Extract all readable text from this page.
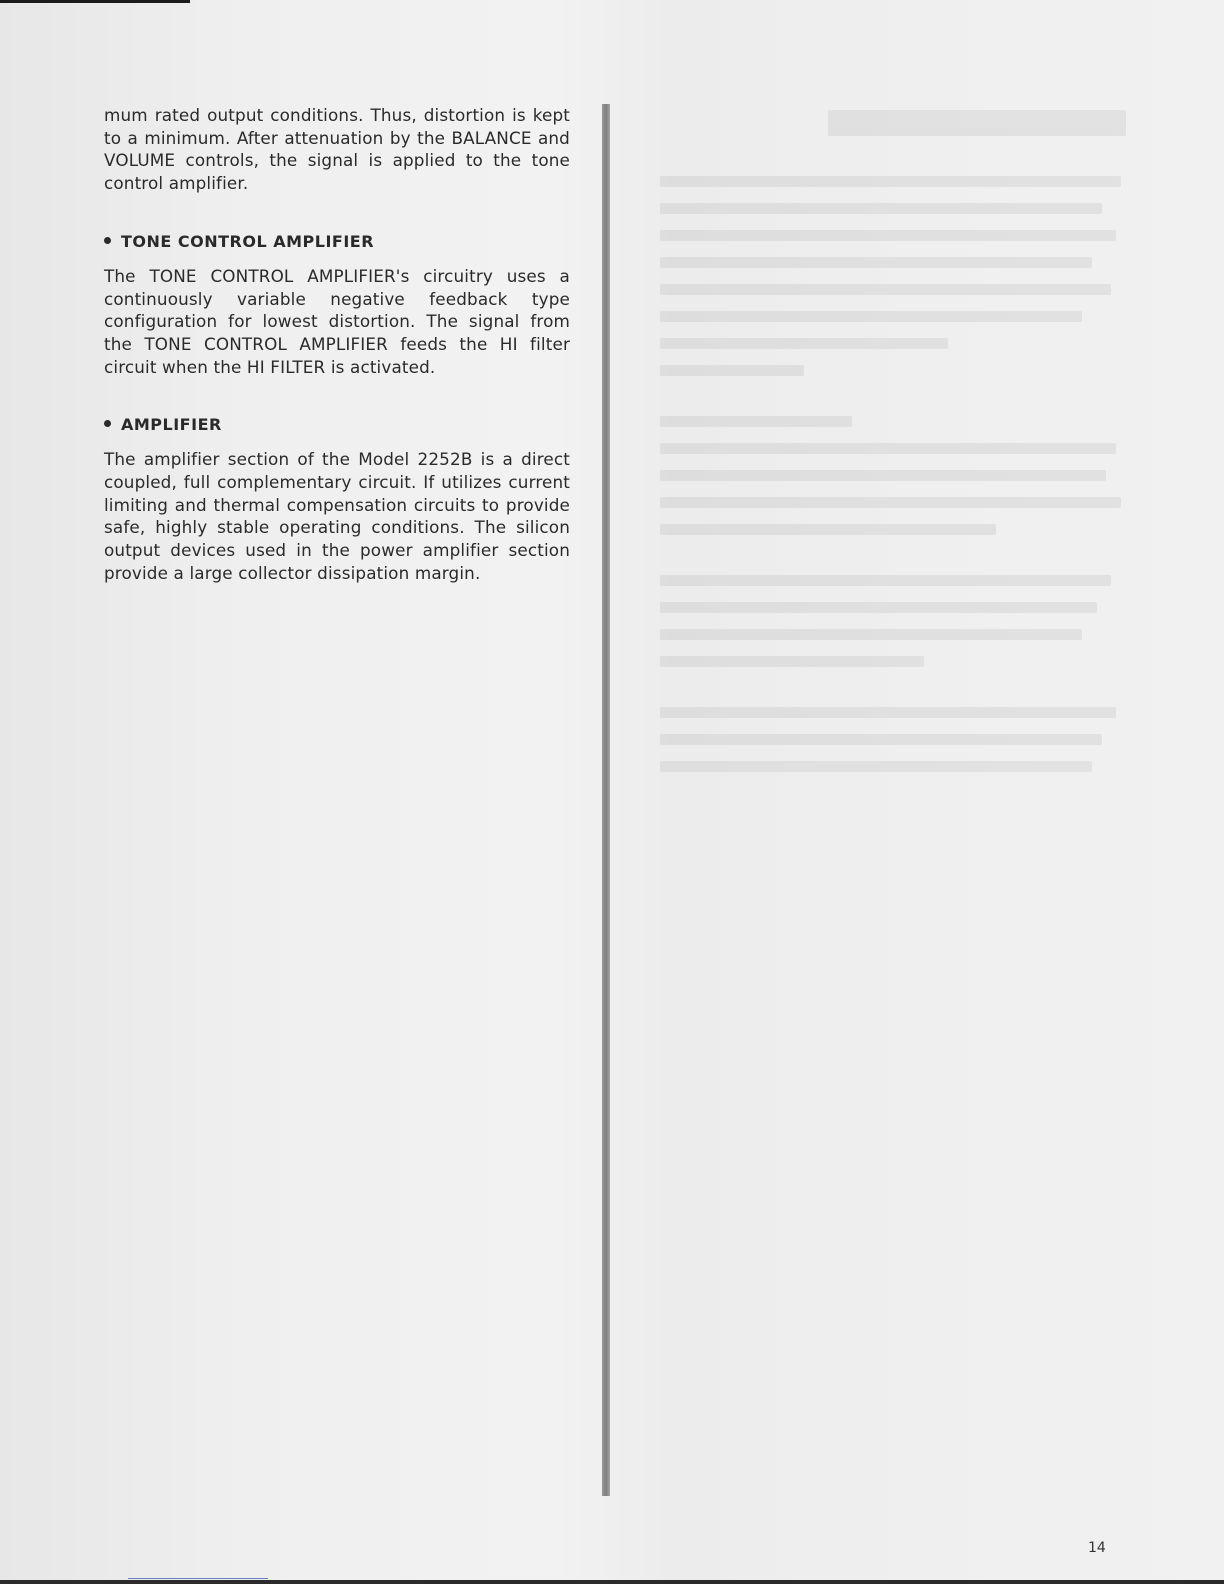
mum rated output conditions. Thus, distortion is kept to a minimum. After attenuation by the BALANCE and VOLUME controls, the signal is applied to the tone control amplifier.

TONE CONTROL AMPLIFIER

The TONE CONTROL AMPLIFIER's circuitry uses a continuously variable negative feedback type configuration for lowest distortion. The signal from the TONE CONTROL AMPLIFIER feeds the HI filter circuit when the HI FILTER is activated.

AMPLIFIER

The amplifier section of the Model 2252B is a direct coupled, full complementary circuit. If utilizes current limiting and thermal compensation circuits to provide safe, highly stable operating conditions. The silicon output devices used in the power amplifier section provide a large collector dissipation margin.

14
